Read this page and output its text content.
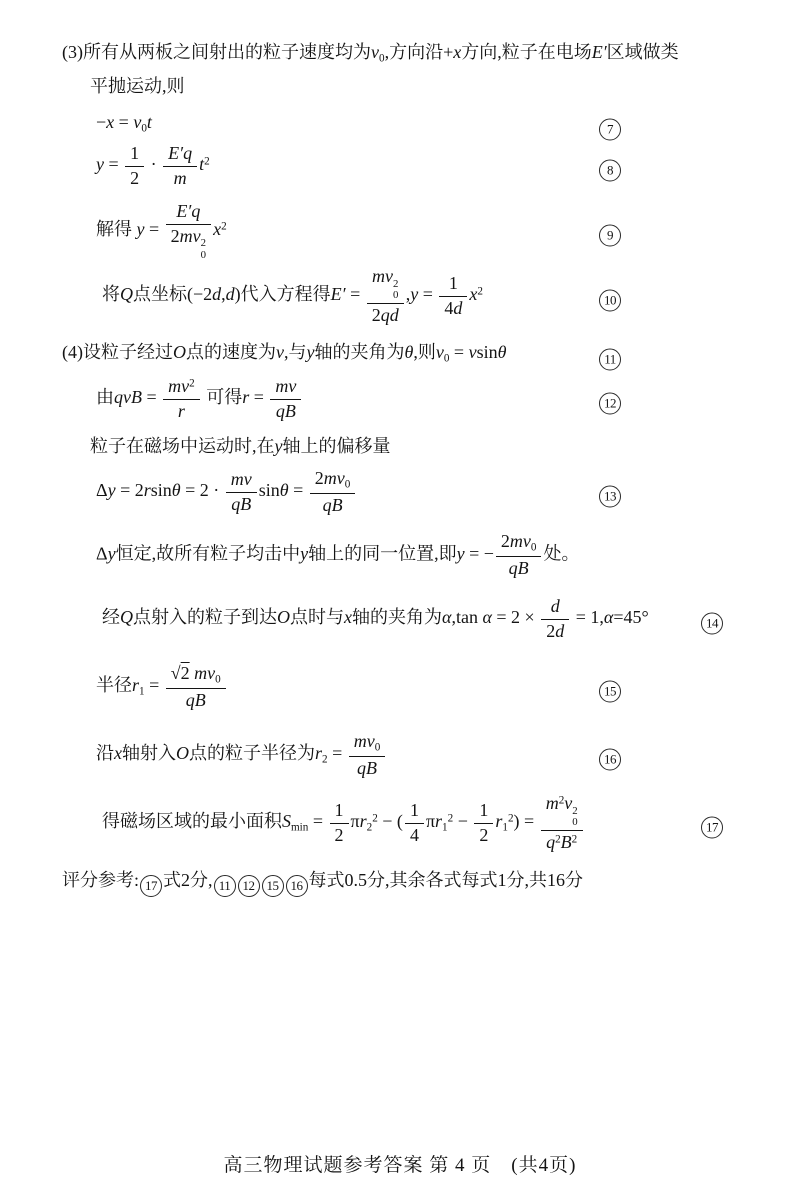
(3)所有从两板之间射出的粒子速度均为v0,方向沿+x方向,粒子在电场E′区域做类
平抛运动,则
−x = v0t	7
$y = \frac{1}{2} \cdot \frac{E'q}{m} t^2$
8
解得 y = E′q
2mv 2
0 $x^2$
9
将Q点坐标(−2d,d)代入方程得E′ = mv 2
0
2qd $,y = \frac{1}{4d} x^2$
10
(4)设粒子经过O点的速度为v,与y轴的夹角为θ,则v0 = vsinθ	11
由qvB = $\frac{mv^2}{r}$ 可得$r = \frac{mv}{qB}$	12
粒子在磁场中运动时,在y轴上的偏移量
$\Delta y = 2rsin\theta = 2 \cdot \frac{mv}{qB}$ $\sin\theta = \frac{2mv0}{qB}$	13
Δy恒定,故所有粒子均击中y轴上的同一位置,即y = − $\frac{2mv0}{qB}$ 处。
经Q点射入的粒子到达O点时与x轴的夹角为α,tan $\alpha = 2 \times \frac{d}{2d} = 1,\alpha=45^\circ$	14
半径$r1 = \frac{√2 mv0}{qB}$	15
沿x轴射入O点的粒子半径为$r2 = \frac{mv0}{qB}$	16
得磁场区域的最小面积$Smin = \frac{1}{2} \pi r2^2$ − ( $\frac{1}{4} \pi r1^2 - \frac{1}{2} r1^2) = m^2v$ 2
0
$q^2B^2$	17
评分参考: 17 式2分, 11 12 15 16 每式0.5分,其余各式每式1分,共16分
高三物理试题参考答案 第 4 页　(共4页)
